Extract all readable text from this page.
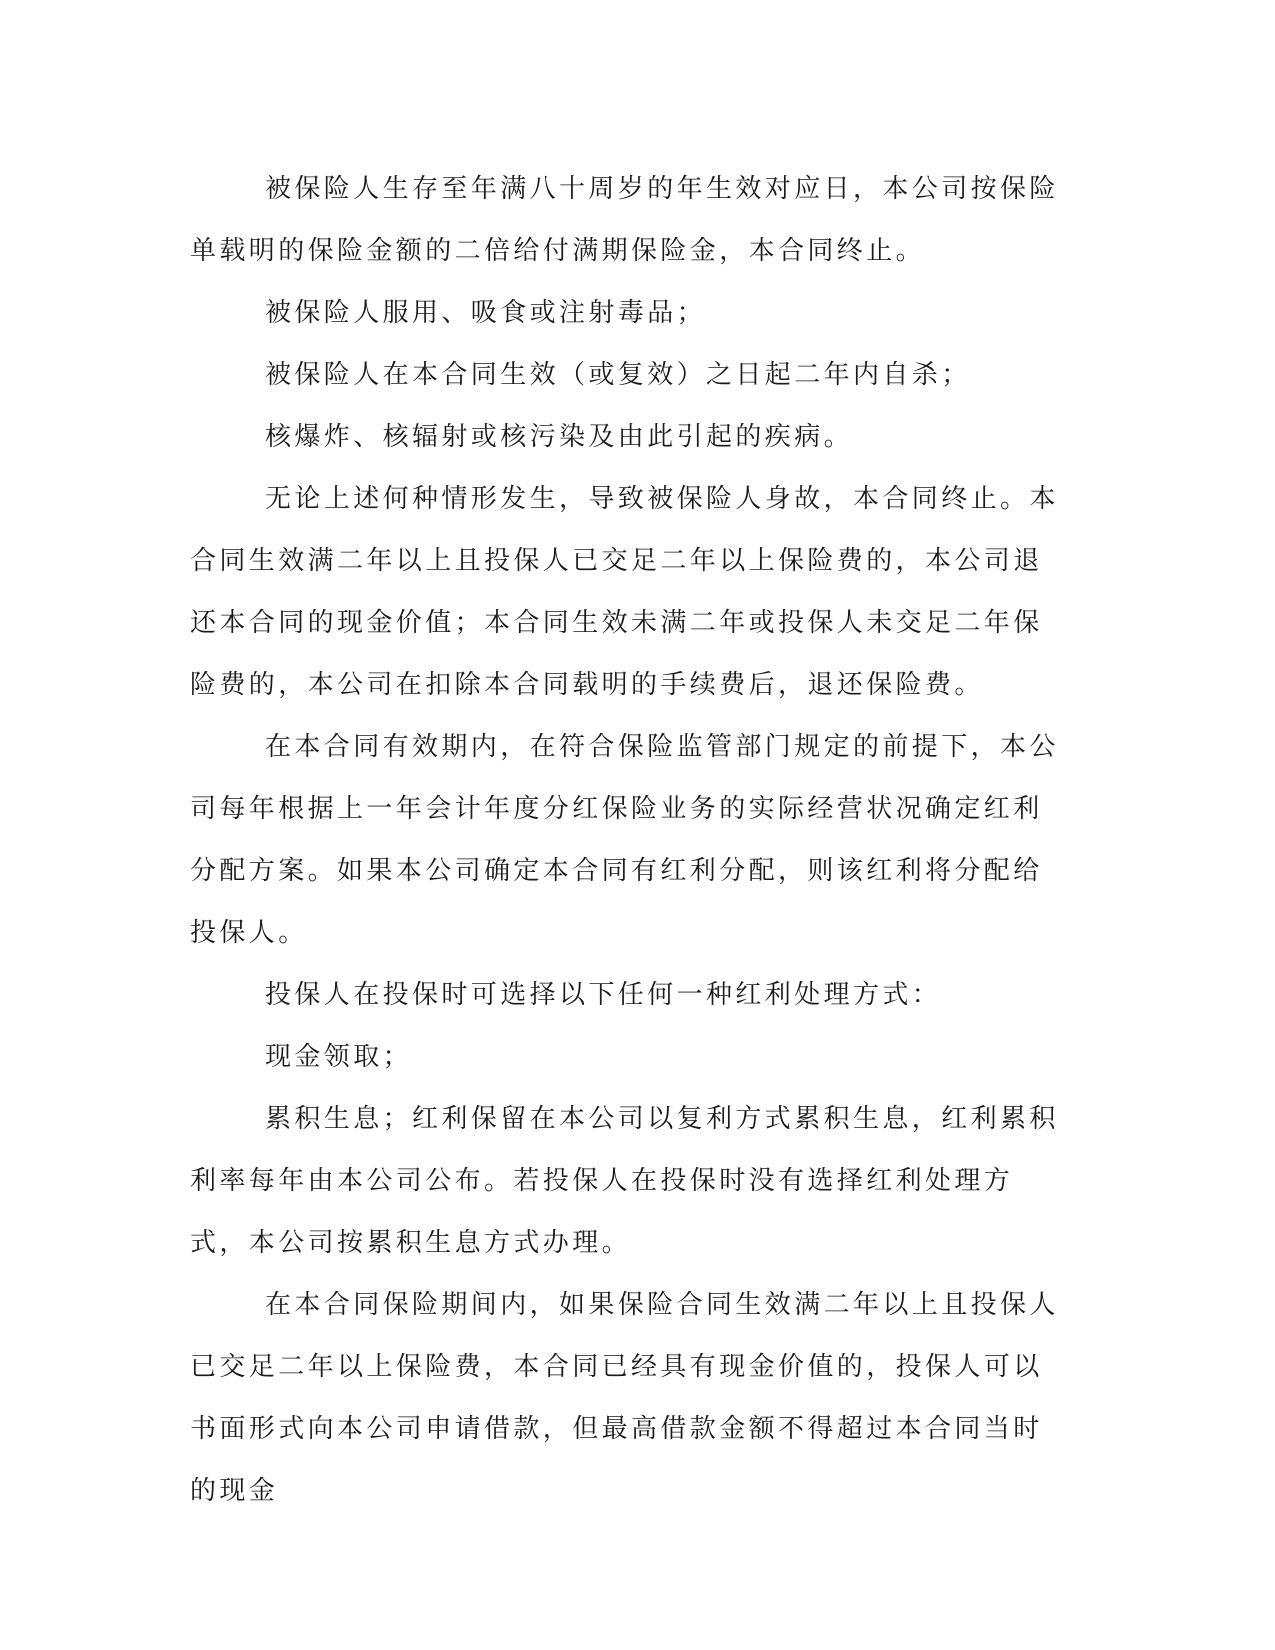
被保险人生存至年满八十周岁的年生效对应日，本公司按保险单载明的保险金额的二倍给付满期保险金，本合同终止。

被保险人服用、吸食或注射毒品；

被保险人在本合同生效（或复效）之日起二年内自杀；

核爆炸、核辐射或核污染及由此引起的疾病。

无论上述何种情形发生，导致被保险人身故，本合同终止。本合同生效满二年以上且投保人已交足二年以上保险费的，本公司退还本合同的现金价值；本合同生效未满二年或投保人未交足二年保险费的，本公司在扣除本合同载明的手续费后，退还保险费。

在本合同有效期内，在符合保险监管部门规定的前提下，本公司每年根据上一年会计年度分红保险业务的实际经营状况确定红利分配方案。如果本公司确定本合同有红利分配，则该红利将分配给投保人。

投保人在投保时可选择以下任何一种红利处理方式：

现金领取；

累积生息；红利保留在本公司以复利方式累积生息，红利累积利率每年由本公司公布。若投保人在投保时没有选择红利处理方式，本公司按累积生息方式办理。

在本合同保险期间内，如果保险合同生效满二年以上且投保人已交足二年以上保险费，本合同已经具有现金价值的，投保人可以书面形式向本公司申请借款，但最高借款金额不得超过本合同当时的现金
